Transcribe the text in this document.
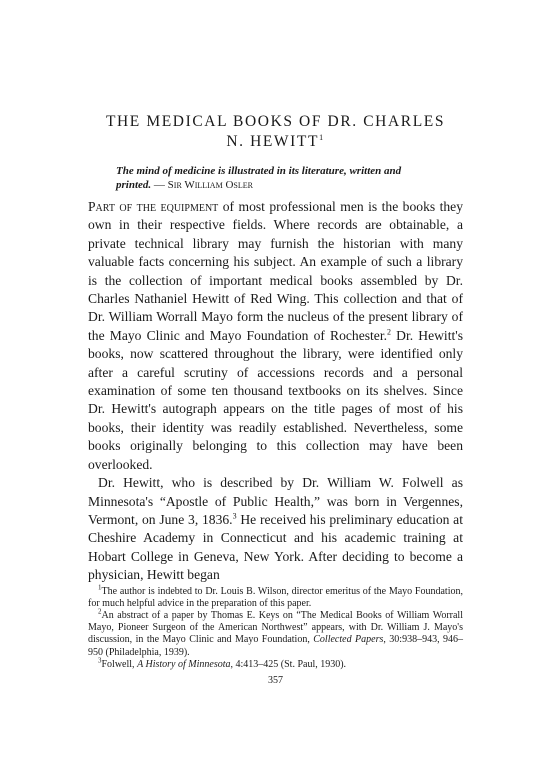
THE MEDICAL BOOKS OF DR. CHARLES
N. HEWITT$^1$
The mind of medicine is illustrated in its literature, written and printed. — Sir William Osler

Part of the equipment of most professional men is the books they own in their respective fields. Where records are obtainable, a private technical library may furnish the historian with many valuable facts concerning his subject. An example of such a library is the collection of important medical books assembled by Dr. Charles Nathaniel Hewitt of Red Wing. This collection and that of Dr. William Worrall Mayo form the nucleus of the present library of the Mayo Clinic and Mayo Foundation of Rochester.$^2$ Dr. Hewitt's books, now scattered throughout the library, were identified only after a careful scrutiny of accessions records and a personal examination of some ten thousand textbooks on its shelves. Since Dr. Hewitt's autograph appears on the title pages of most of his books, their identity was readily established. Nevertheless, some books originally belonging to this collection may have been overlooked.

Dr. Hewitt, who is described by Dr. William W. Folwell as Minnesota's “Apostle of Public Health,” was born in Vergennes, Vermont, on June 3, 1836.$^3$ He received his preliminary education at Cheshire Academy in Connecticut and his academic training at Hobart College in Geneva, New York. After deciding to become a physician, Hewitt began

$^1$The author is indebted to Dr. Louis B. Wilson, director emeritus of the Mayo Foundation, for much helpful advice in the preparation of this paper.

$^2$An abstract of a paper by Thomas E. Keys on “The Medical Books of William Worrall Mayo, Pioneer Surgeon of the American Northwest” appears, with Dr. William J. Mayo's discussion, in the Mayo Clinic and Mayo Foundation, Collected Papers, 30:938–943, 946–950 (Philadelphia, 1939).

$^3$Folwell, A History of Minnesota, 4:413–425 (St. Paul, 1930).

357
